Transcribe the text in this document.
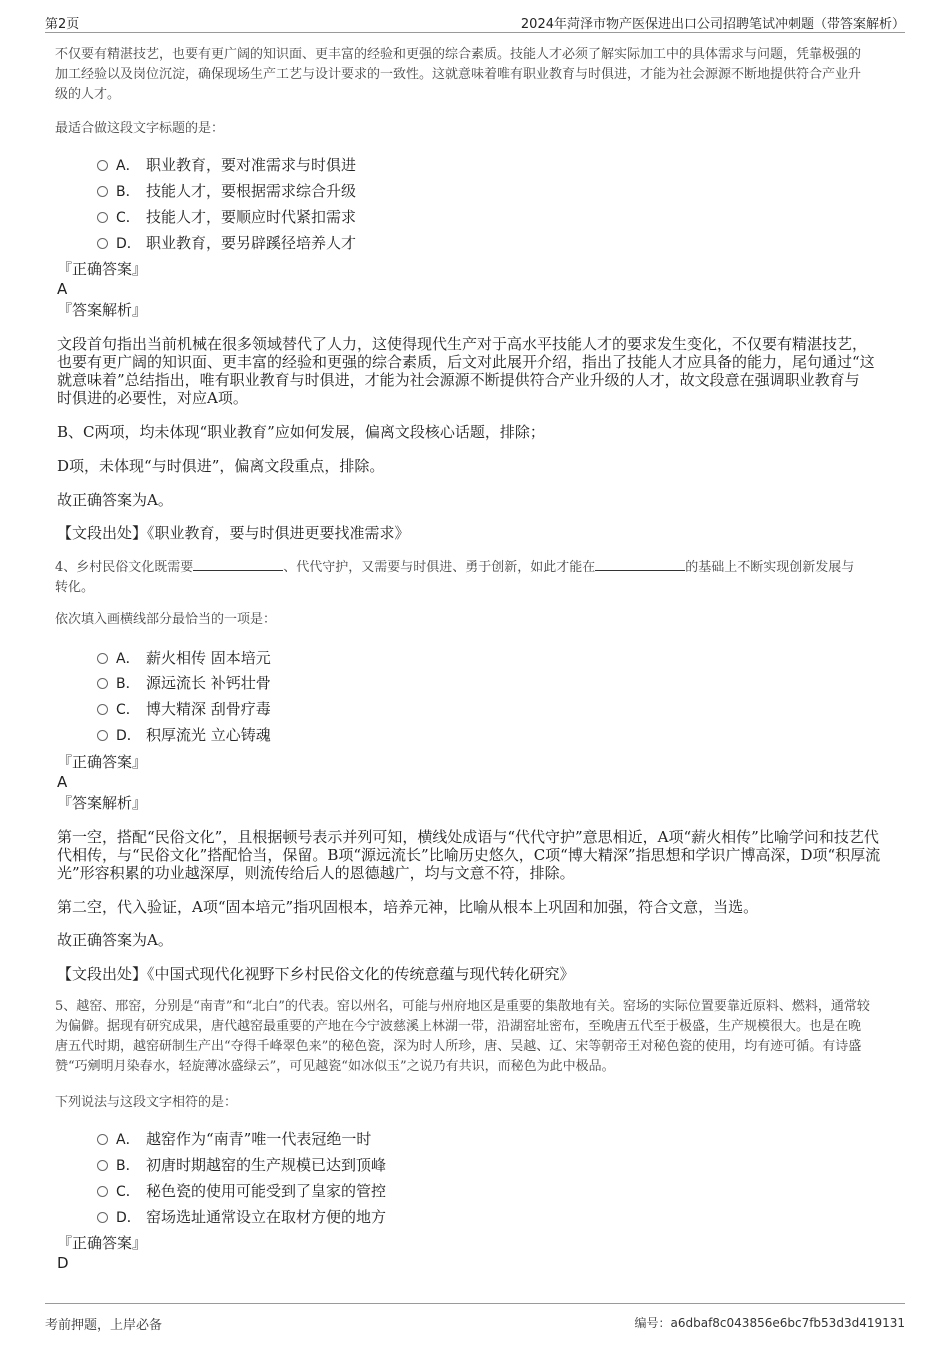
第2页	2024年菏泽市物产医保进出口公司招聘笔试冲刺题（带答案解析）
不仅要有精湛技艺，也要有更广阔的知识面、更丰富的经验和更强的综合素质。技能人才必须了解实际加工中的具体需求与问题，凭靠极强的
加工经验以及岗位沉淀，确保现场生产工艺与设计要求的一致性。这就意味着唯有职业教育与时俱进，才能为社会源源不断地提供符合产业升
级的人才。
最适合做这段文字标题的是：
A． 职业教育，要对准需求与时俱进
B． 技能人才，要根据需求综合升级
C． 技能人才，要顺应时代紧扣需求
D． 职业教育，要另辟蹊径培养人才
『正确答案』
A
『答案解析』
文段首句指出当前机械在很多领域替代了人力，这使得现代生产对于高水平技能人才的要求发生变化，不仅要有精湛技艺，
也要有更广阔的知识面、更丰富的经验和更强的综合素质，后文对此展开介绍，指出了技能人才应具备的能力，尾句通过“这
就意味着”总结指出，唯有职业教育与时俱进，才能为社会源源不断提供符合产业升级的人才，故文段意在强调职业教育与
时俱进的必要性，对应A项。
B、C两项，均未体现“职业教育”应如何发展，偏离文段核心话题，排除；
D项，未体现“与时俱进”，偏离文段重点，排除。
故正确答案为A。
【文段出处】《职业教育，要与时俱进更要找准需求》
4、乡村民俗文化既需要	、代代守护，又需要与时俱进、勇于创新，如此才能在	的基础上不断实现创新发展与
转化。
依次填入画横线部分最恰当的一项是：
A． 薪火相传 固本培元
B． 源远流长 补钙壮骨
C． 博大精深 刮骨疗毒
D． 积厚流光 立心铸魂
『正确答案』
A
『答案解析』
第一空，搭配“民俗文化”，且根据顿号表示并列可知，横线处成语与“代代守护”意思相近，A项“薪火相传”比喻学问和技艺代
代相传，与“民俗文化”搭配恰当，保留。B项“源远流长”比喻历史悠久，C项“博大精深”指思想和学识广博高深，D项“积厚流
光”形容积累的功业越深厚，则流传给后人的恩德越广，均与文意不符，排除。
第二空，代入验证，A项“固本培元”指巩固根本，培养元神，比喻从根本上巩固和加强，符合文意，当选。
故正确答案为A。
【文段出处】《中国式现代化视野下乡村民俗文化的传统意蕴与现代转化研究》
5、越窑、邢窑，分别是“南青”和“北白”的代表。窑以州名，可能与州府地区是重要的集散地有关。窑场的实际位置要靠近原料、燃料，通常较
为偏僻。据现有研究成果，唐代越窑最重要的产地在今宁波慈溪上林湖一带，沿湖窑址密布，至晚唐五代至于极盛，生产规模很大。也是在晚
唐五代时期，越窑研制生产出“夺得千峰翠色来”的秘色瓷，深为时人所珍，唐、吴越、辽、宋等朝帝王对秘色瓷的使用，均有迹可循。有诗盛
赞“巧剜明月染春水，轻旋薄冰盛绿云”，可见越瓷“如冰似玉”之说乃有共识，而秘色为此中极品。
下列说法与这段文字相符的是：
A． 越窑作为“南青”唯一代表冠绝一时
B． 初唐时期越窑的生产规模已达到顶峰
C． 秘色瓷的使用可能受到了皇家的管控
D． 窑场选址通常设立在取材方便的地方
『正确答案』
D
考前押题，上岸必备	编号：a6dbaf8c043856e6bc7fb53d3d419131
